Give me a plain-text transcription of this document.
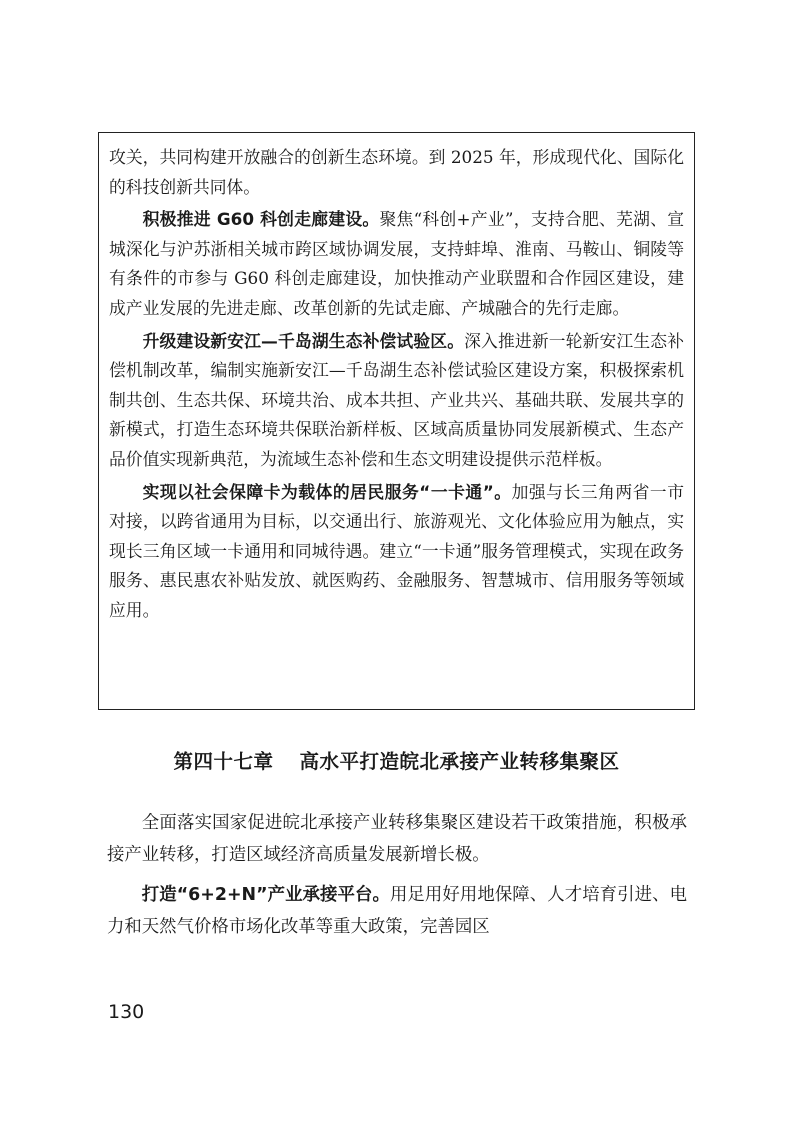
攻关，共同构建开放融合的创新生态环境。到 2025 年，形成现代化、国际化的科技创新共同体。

积极推进 G60 科创走廊建设。聚焦“科创+产业”，支持合肥、芜湖、宣城深化与沪苏浙相关城市跨区域协调发展，支持蚌埠、淮南、马鞍山、铜陵等有条件的市参与 G60 科创走廊建设，加快推动产业联盟和合作园区建设，建成产业发展的先进走廊、改革创新的先试走廊、产城融合的先行走廊。

升级建设新安江—千岛湖生态补偿试验区。深入推进新一轮新安江生态补偿机制改革，编制实施新安江—千岛湖生态补偿试验区建设方案，积极探索机制共创、生态共保、环境共治、成本共担、产业共兴、基础共联、发展共享的新模式，打造生态环境共保联治新样板、区域高质量协同发展新模式、生态产品价值实现新典范，为流域生态补偿和生态文明建设提供示范样板。

实现以社会保障卡为载体的居民服务“一卡通”。加强与长三角两省一市对接，以跨省通用为目标，以交通出行、旅游观光、文化体验应用为触点，实现长三角区域一卡通用和同城待遇。建立“一卡通”服务管理模式，实现在政务服务、惠民惠农补贴发放、就医购药、金融服务、智慧城市、信用服务等领域应用。

第四十七章 高水平打造皖北承接产业转移集聚区

全面落实国家促进皖北承接产业转移集聚区建设若干政策措施，积极承接产业转移，打造区域经济高质量发展新增长极。

打造“6+2+N”产业承接平台。用足用好用地保障、人才培育引进、电力和天然气价格市场化改革等重大政策，完善园区

130
